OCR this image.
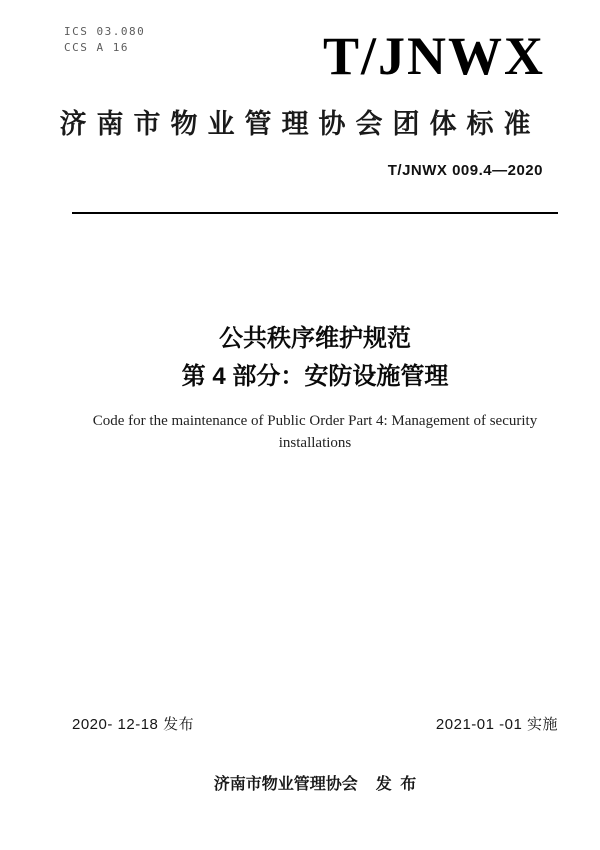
ICS 03.080
CCS A 16	T/JNWX
济南市物业管理协会团体标准
T/JNWX 009.4—2020
公共秩序维护规范
第 4 部分：安防设施管理
Code for the maintenance of Public Order Part 4: Management of security
installations
2020- 12-18 发布	2021-01 -01 实施
济南市物业管理协会 发 布
